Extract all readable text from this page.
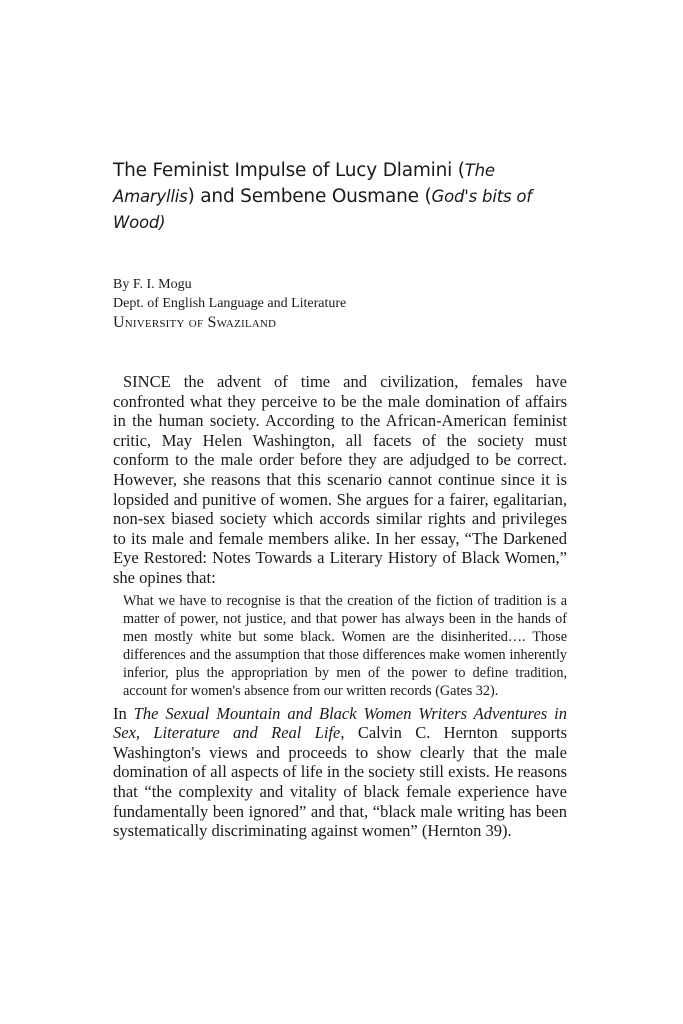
The Feminist Impulse of Lucy Dlamini (The Amaryllis) and Sembene Ousmane (God's bits of Wood)
By F. I. Mogu
Dept. of English Language and Literature
University of Swaziland

SINCE the advent of time and civilization, females have confronted what they perceive to be the male domination of affairs in the human society. According to the African-American feminist critic, May Helen Washington, all facets of the society must conform to the male order before they are adjudged to be correct. However, she reasons that this scenario cannot continue since it is lopsided and punitive of women. She argues for a fairer, egalitarian, non-sex biased society which accords similar rights and privileges to its male and female members alike. In her essay, “The Darkened Eye Restored: Notes Towards a Literary History of Black Women,” she opines that:

What we have to recognise is that the creation of the fiction of tradition is a matter of power, not justice, and that power has always been in the hands of men mostly white but some black. Women are the disinherited…. Those differences and the assumption that those differences make women inherently inferior, plus the appropriation by men of the power to define tradition, account for women's absence from our written records (Gates 32).

In The Sexual Mountain and Black Women Writers Adventures in Sex, Literature and Real Life, Calvin C. Hernton supports Washington's views and proceeds to show clearly that the male domination of all aspects of life in the society still exists. He reasons that “the complexity and vitality of black female experience have fundamentally been ignored” and that, “black male writing has been systematically discriminating against women” (Hernton 39).
